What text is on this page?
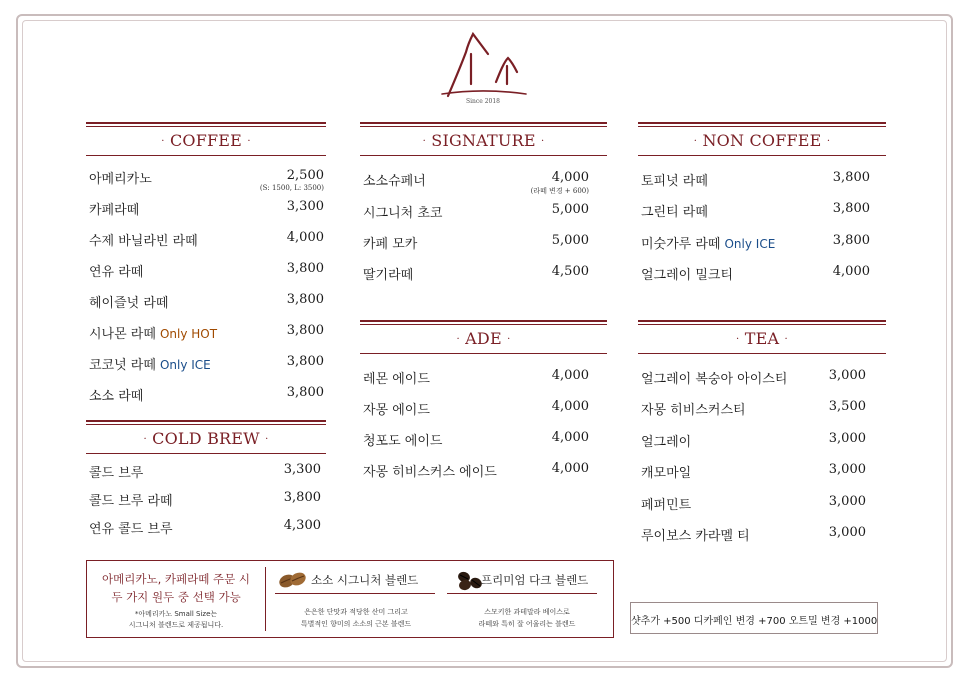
Since 2018
· COFFEE ·
아메리카노	2,500
(S: 1500, L: 3500)
카페라떼	3,300
수제 바닐라빈 라떼	4,000
연유 라떼	3,800
헤이즐넛 라떼	3,800
시나몬 라떼 Only HOT	3,800
코코넛 라떼 Only ICE	3,800
소소 라떼	3,800
· COLD BREW ·
콜드 브루	3,300
콜드 브루 라떼	3,800
연유 콜드 브루	4,300
· SIGNATURE ·
소소슈페너	4,000
(라떼 변경 + 600)
시그니처 초코	5,000
카페 모카	5,000
딸기라떼	4,500
· ADE ·
레몬 에이드	4,000
자몽 에이드	4,000
청포도 에이드	4,000
자몽 히비스커스 에이드	4,000
· NON COFFEE ·
토피넛 라떼	3,800
그린티 라떼	3,800
미숫가루 라떼 Only ICE	3,800
얼그레이 밀크티	4,000
· TEA ·
얼그레이 복숭아 아이스티	3,000
자몽 히비스커스티	3,500
얼그레이	3,000
캐모마일	3,000
페퍼민트	3,000
루이보스 카라멜 티	3,000
아메리카노, 카페라떼 주문 시
두 가지 원두 중 선택 가능
*아메리카노 Small Size는
시그니처 블렌드로 제공됩니다.
소소 시그니처 블렌드
은은한 단맛과 적당한 산미 그리고
특별적인 향미의 소소의 근본 블렌드
프리미엄 다크 블렌드
스모키한 과테말라 베이스로
라떼와 특히 잘 어울리는 블렌드	샷추가 +500 디카페인 변경 +700 오트밀 변경 +1000
